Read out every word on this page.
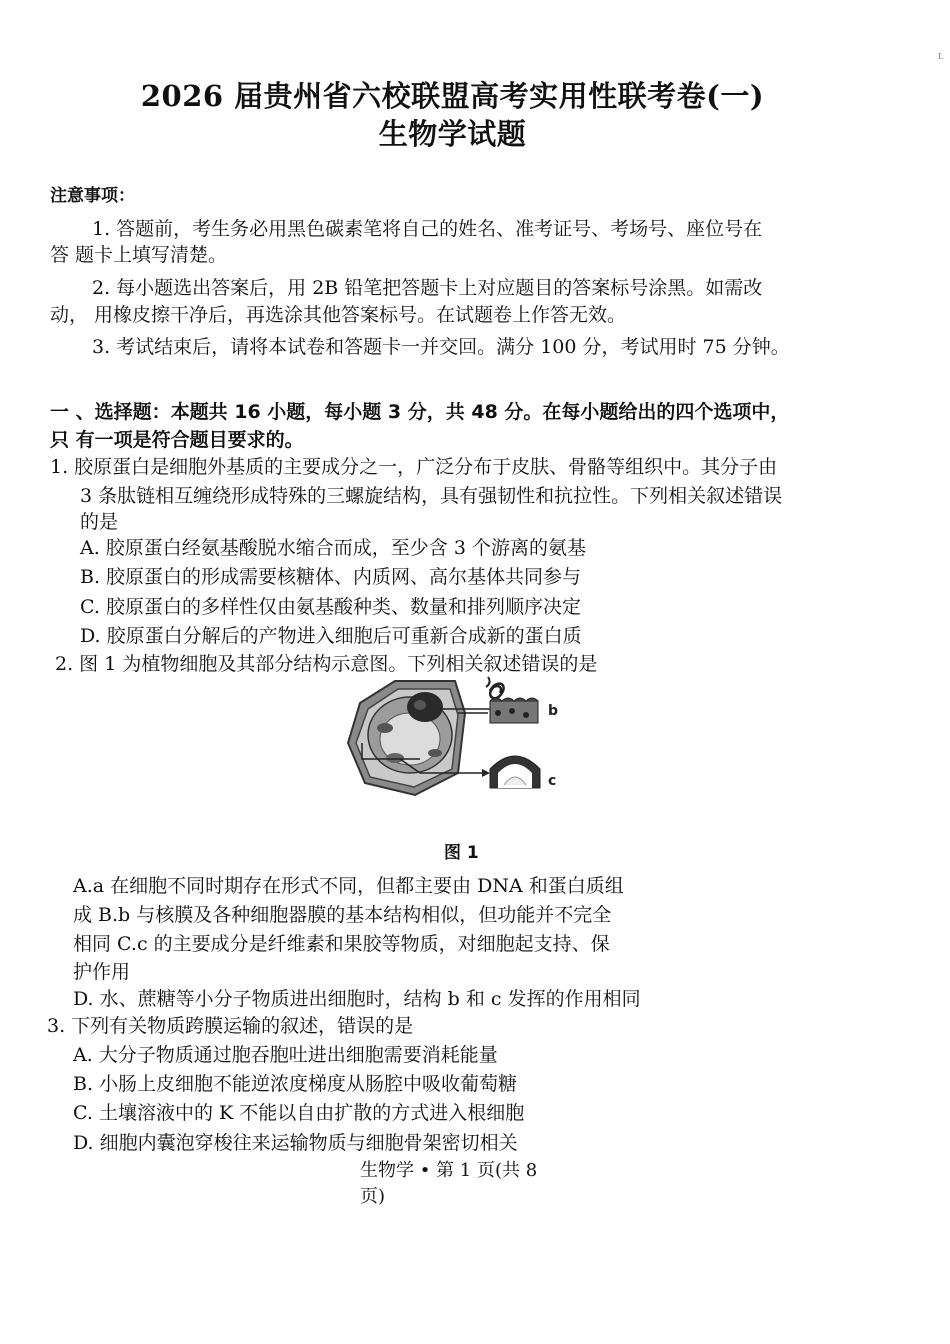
L
2026 届贵州省六校联盟高考实用性联考卷(一)
生物学试题
注意事项：
1. 答题前，考生务必用黑色碳素笔将自己的姓名、准考证号、考场号、座位号在
答 题卡上填写清楚。
2. 每小题选出答案后，用 2B 铅笔把答题卡上对应题目的答案标号涂黑。如需改
动， 用橡皮擦干净后，再选涂其他答案标号。在试题卷上作答无效。
3. 考试结束后，请将本试卷和答题卡一并交回。满分 100 分，考试用时 75 分钟。
一 、选择题：本题共 16 小题，每小题 3 分，共 48 分。在每小题给出的四个选项中，
只 有一项是符合题目要求的。
1. 胶原蛋白是细胞外基质的主要成分之一，广泛分布于皮肤、骨骼等组织中。其分子由
3 条肽链相互缠绕形成特殊的三螺旋结构，具有强韧性和抗拉性。下列相关叙述错误
的是
A. 胶原蛋白经氨基酸脱水缩合而成，至少含 3 个游离的氨基
B. 胶原蛋白的形成需要核糖体、内质网、高尔基体共同参与
C. 胶原蛋白的多样性仅由氨基酸种类、数量和排列顺序决定
D. 胶原蛋白分解后的产物进入细胞后可重新合成新的蛋白质
2. 图 1 为植物细胞及其部分结构示意图。下列相关叙述错误的是
b
c
图 1
A.a 在细胞不同时期存在形式不同，但都主要由 DNA 和蛋白质组
成 B.b 与核膜及各种细胞器膜的基本结构相似，但功能并不完全
相同 C.c 的主要成分是纤维素和果胶等物质，对细胞起支持、保
护作用
D. 水、蔗糖等小分子物质进出细胞时，结构 b 和 c 发挥的作用相同
3. 下列有关物质跨膜运输的叙述，错误的是
A. 大分子物质通过胞吞胞吐进出细胞需要消耗能量
B. 小肠上皮细胞不能逆浓度梯度从肠腔中吸收葡萄糖
C. 土壤溶液中的 K 不能以自由扩散的方式进入根细胞
D. 细胞内囊泡穿梭往来运输物质与细胞骨架密切相关
生物学 • 第 1 页(共 8
页)
